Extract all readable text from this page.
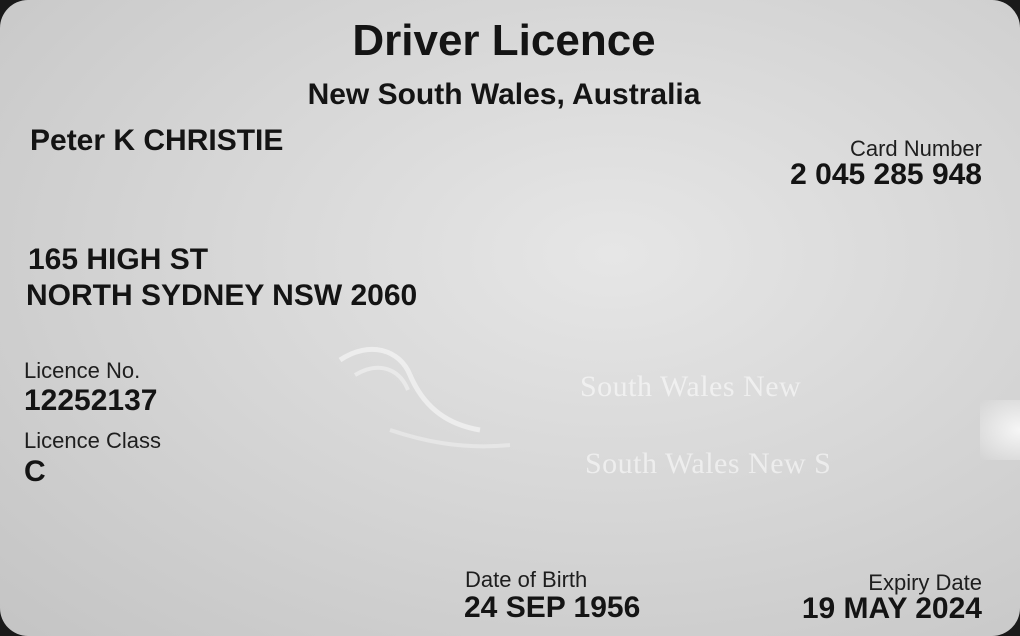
South Wales New
South Wales New S
Driver Licence
New South Wales, Australia
Peter K CHRISTIE	Card Number
2 045 285 948
165 HIGH ST
NORTH SYDNEY NSW 2060
Licence No.
12252137
Licence Class
C
Date of Birth
24 SEP 1956
Expiry Date
19 MAY 2024
